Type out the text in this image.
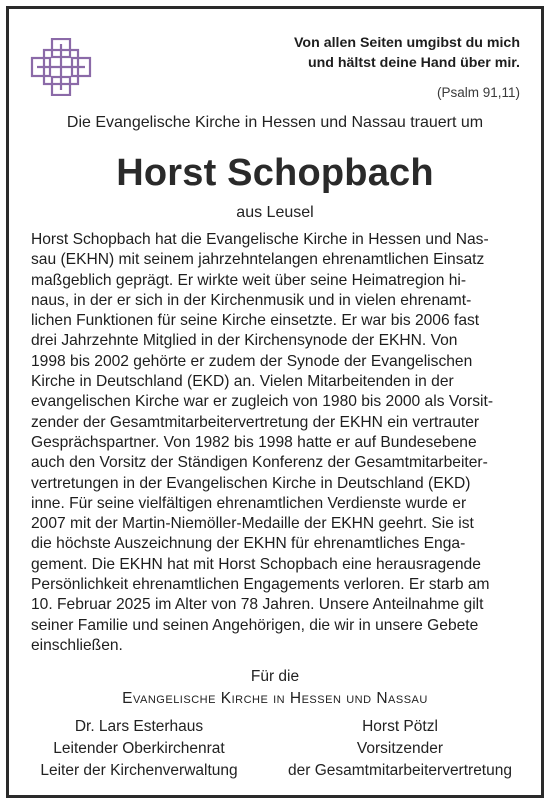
Von allen Seiten umgibst du mich
und hältst deine Hand über mir.
(Psalm 91,11)
Die Evangelische Kirche in Hessen und Nassau trauert um
Horst Schopbach
aus Leusel

Horst Schopbach hat die Evangelische Kirche in Hessen und Nas-
sau (EKHN) mit seinem jahrzehntelangen ehrenamtlichen Einsatz
maßgeblich geprägt. Er wirkte weit über seine Heimatregion hi-
naus, in der er sich in der Kirchenmusik und in vielen ehrenamt-
lichen Funktionen für seine Kirche einsetzte. Er war bis 2006 fast
drei Jahrzehnte Mitglied in der Kirchensynode der EKHN. Von
1998 bis 2002 gehörte er zudem der Synode der Evangelischen
Kirche in Deutschland (EKD) an. Vielen Mitarbeitenden in der
evangelischen Kirche war er zugleich von 1980 bis 2000 als Vorsit-
zender der Gesamtmitarbeitervertretung der EKHN ein vertrauter
Gesprächspartner. Von 1982 bis 1998 hatte er auf Bundesebene
auch den Vorsitz der Ständigen Konferenz der Gesamtmitarbeiter-
vertretungen in der Evangelischen Kirche in Deutschland (EKD)
inne. Für seine vielfältigen ehrenamtlichen Verdienste wurde er
2007 mit der Martin-Niemöller-Medaille der EKHN geehrt. Sie ist
die höchste Auszeichnung der EKHN für ehrenamtliches Enga-
gement. Die EKHN hat mit Horst Schopbach eine herausragende
Persönlichkeit ehrenamtlichen Engagements verloren. Er starb am
10. Februar 2025 im Alter von 78 Jahren. Unsere Anteilnahme gilt
seiner Familie und seinen Angehörigen, die wir in unsere Gebete
einschließen.

Für die
Evangelische Kirche in Hessen und Nassau
Dr. Lars Esterhaus
Leitender Oberkirchenrat
Leiter der Kirchenverwaltung
Horst Pötzl
Vorsitzender
der Gesamtmitarbeitervertretung
